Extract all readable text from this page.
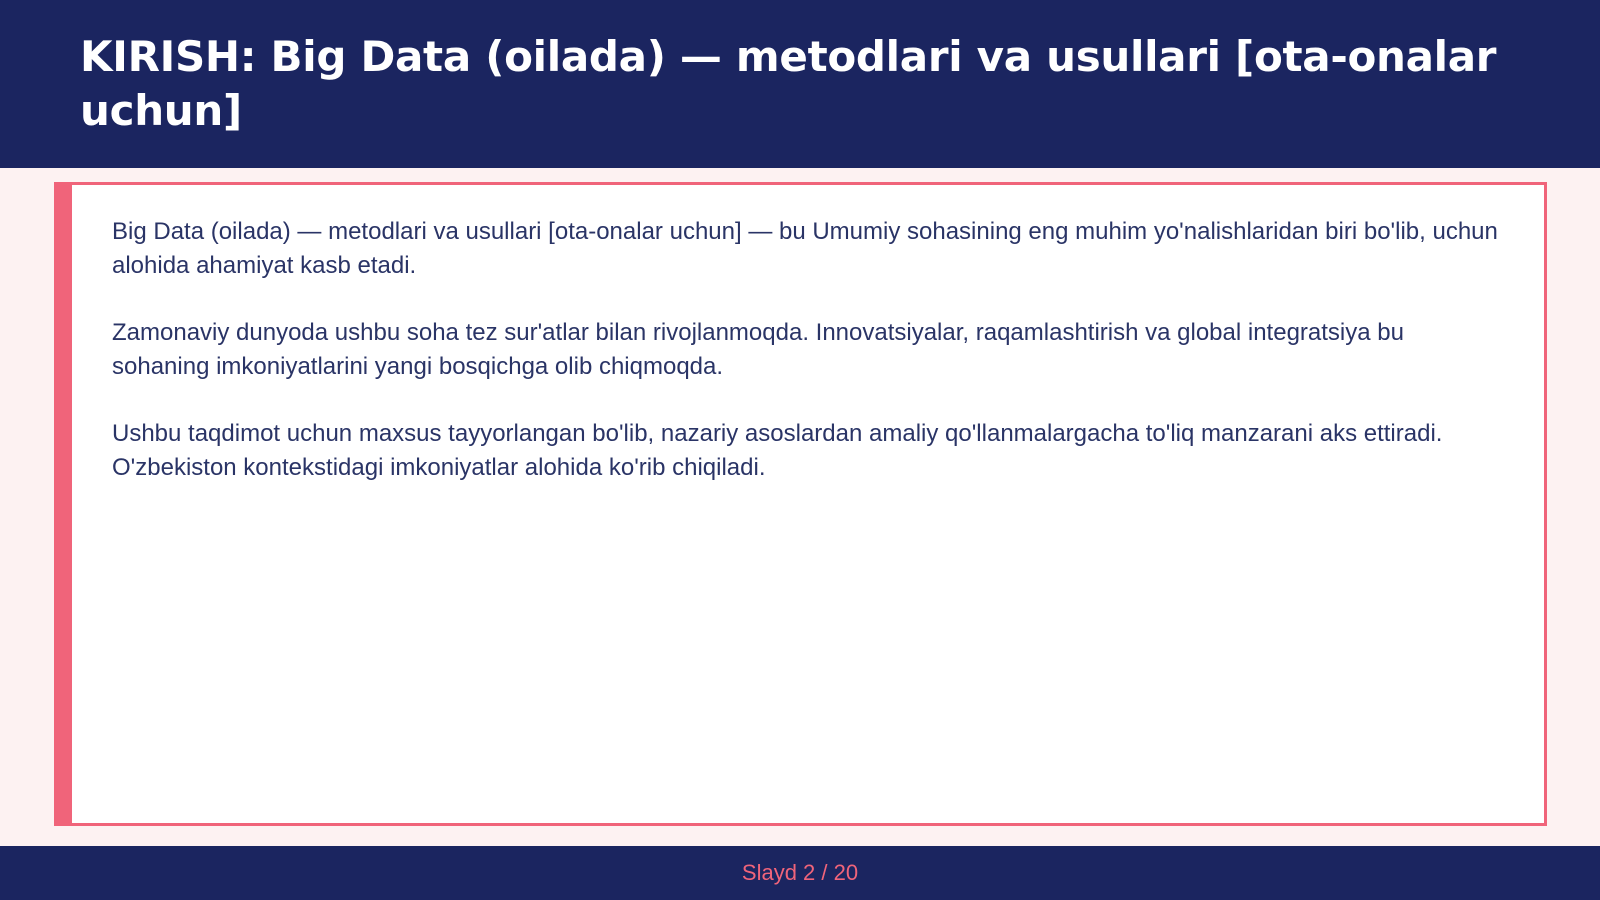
KIRISH: Big Data (oilada) — metodlari va usullari [ota-onalar uchun]

Big Data (oilada) — metodlari va usullari [ota-onalar uchun] — bu Umumiy sohasining eng muhim yo'nalishlaridan biri bo'lib, uchun alohida ahamiyat kasb etadi.

Zamonaviy dunyoda ushbu soha tez sur'atlar bilan rivojlanmoqda. Innovatsiyalar, raqamlashtirish va global integratsiya bu sohaning imkoniyatlarini yangi bosqichga olib chiqmoqda.

Ushbu taqdimot uchun maxsus tayyorlangan bo'lib, nazariy asoslardan amaliy qo'llanmalargacha to'liq manzarani aks ettiradi. O'zbekiston kontekstidagi imkoniyatlar alohida ko'rib chiqiladi.

Slayd 2 / 20
